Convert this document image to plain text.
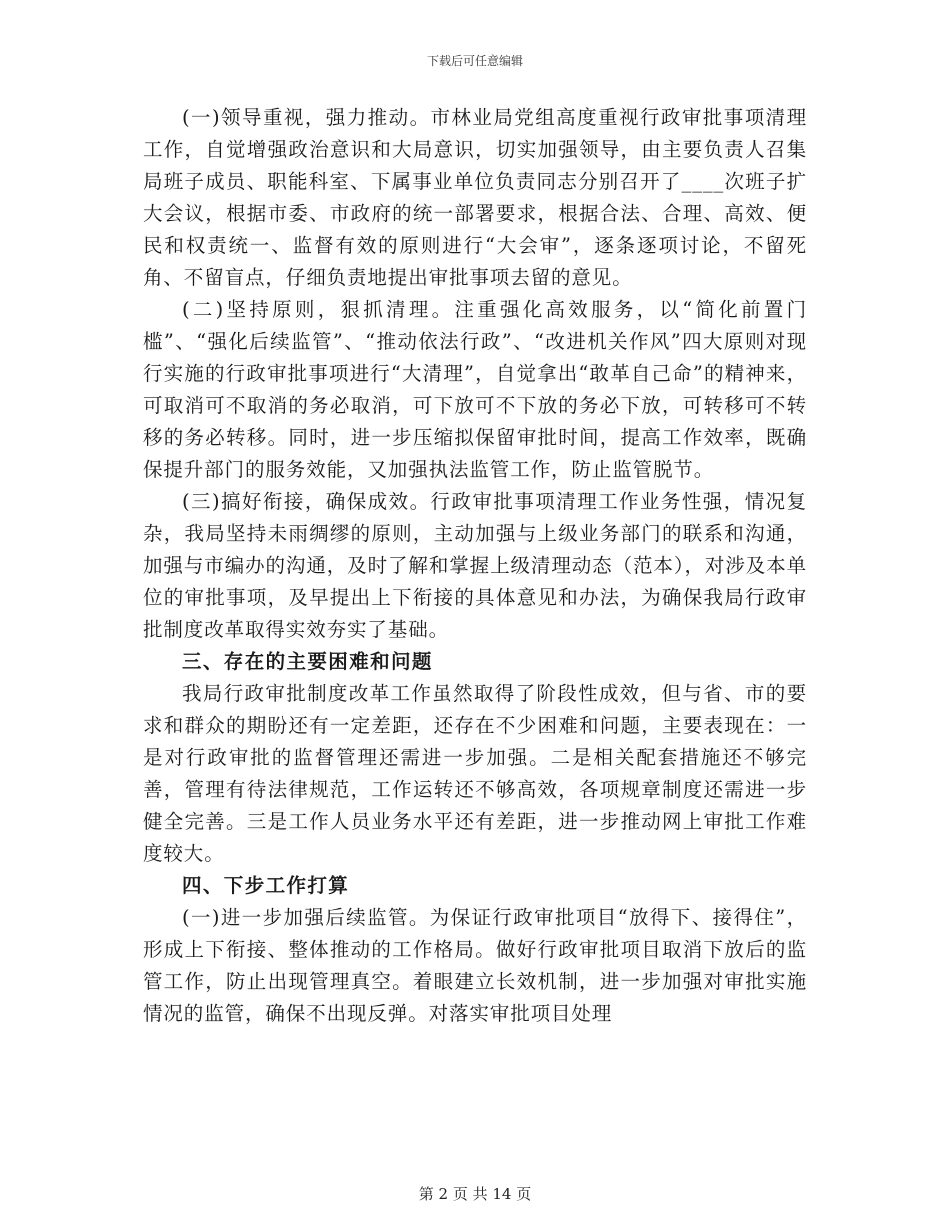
下载后可任意编辑

(一)领导重视，强力推动。市林业局党组高度重视行政审批事项清理工作，自觉增强政治意识和大局意识，切实加强领导，由主要负责人召集局班子成员、职能科室、下属事业单位负责同志分别召开了____次班子扩大会议，根据市委、市政府的统一部署要求，根据合法、合理、高效、便民和权责统一、监督有效的原则进行“大会审”，逐条逐项讨论，不留死角、不留盲点，仔细负责地提出审批事项去留的意见。

(二)坚持原则，狠抓清理。注重强化高效服务，以“简化前置门槛”、“强化后续监管”、“推动依法行政”、“改进机关作风”四大原则对现行实施的行政审批事项进行“大清理”，自觉拿出“敢革自己命”的精神来，可取消可不取消的务必取消，可下放可不下放的务必下放，可转移可不转移的务必转移。同时，进一步压缩拟保留审批时间，提高工作效率，既确保提升部门的服务效能，又加强执法监管工作，防止监管脱节。

(三)搞好衔接，确保成效。行政审批事项清理工作业务性强，情况复杂，我局坚持未雨绸缪的原则，主动加强与上级业务部门的联系和沟通，加强与市编办的沟通，及时了解和掌握上级清理动态（范本），对涉及本单位的审批事项，及早提出上下衔接的具体意见和办法，为确保我局行政审批制度改革取得实效夯实了基础。

三、存在的主要困难和问题

我局行政审批制度改革工作虽然取得了阶段性成效，但与省、市的要求和群众的期盼还有一定差距，还存在不少困难和问题，主要表现在：一是对行政审批的监督管理还需进一步加强。二是相关配套措施还不够完善，管理有待法律规范，工作运转还不够高效，各项规章制度还需进一步健全完善。三是工作人员业务水平还有差距，进一步推动网上审批工作难度较大。

四、下步工作打算

(一)进一步加强后续监管。为保证行政审批项目“放得下、接得住”，形成上下衔接、整体推动的工作格局。做好行政审批项目取消下放后的监管工作，防止出现管理真空。着眼建立长效机制，进一步加强对审批实施情况的监管，确保不出现反弹。对落实审批项目处理

第 2 页 共 14 页
